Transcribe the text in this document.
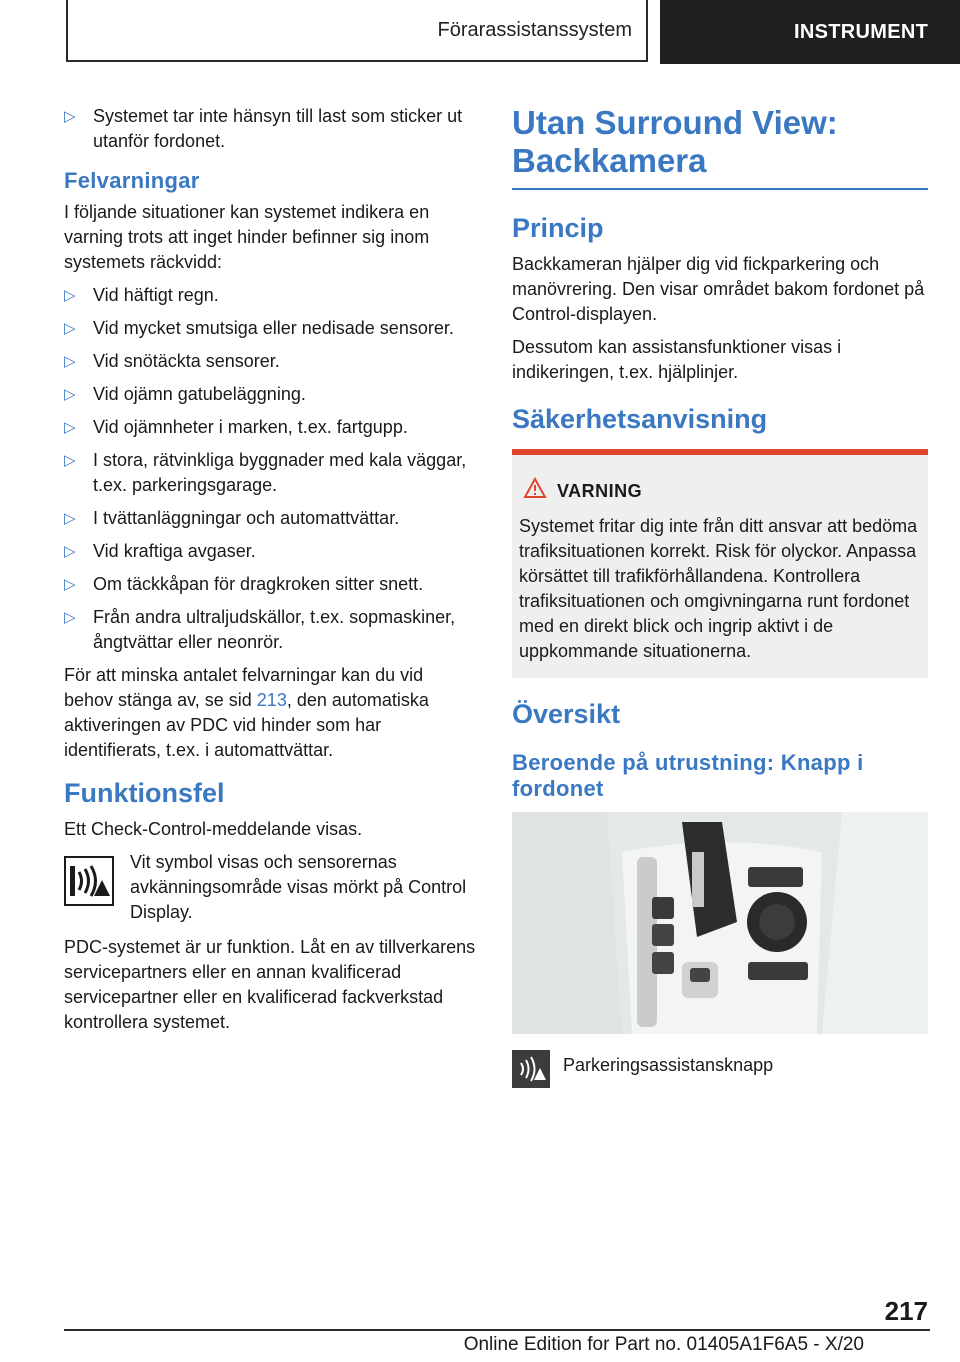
Förarassistanssystem	INSTRUMENT
▷ Systemet tar inte hänsyn till last som sticker ut utanför fordonet.
Felvarningar

I följande situationer kan systemet indikera en varning trots att inget hinder befinner sig inom systemets räckvidd:

▷ Vid häftigt regn.
▷ Vid mycket smutsiga eller nedisade sensorer.
▷ Vid snötäckta sensorer.
▷ Vid ojämn gatubeläggning.
▷ Vid ojämnheter i marken, t.ex. fartgupp.
▷ I stora, rätvinkliga byggnader med kala väggar, t.ex. parkeringsgarage.
▷ I tvättanläggningar och automattvättar.
▷ Vid kraftiga avgaser.
▷ Om täckkåpan för dragkroken sitter snett.
▷ Från andra ultraljudskällor, t.ex. sopmaskiner, ångtvättar eller neonrör.

För att minska antalet felvarningar kan du vid behov stänga av, se sid 213, den automatiska aktiveringen av PDC vid hinder som har identifierats, t.ex. i automattvättar.

Funktionsfel

Ett Check-Control-meddelande visas.

Vit symbol visas och sensorernas avkänningsområde visas mörkt på Control Display.

PDC-systemet är ur funktion. Låt en av tillverkarens servicepartners eller en annan kvalificerad servicepartner eller en kvalificerad fackverkstad kontrollera systemet.

Utan Surround View: Backkamera
Princip

Backkameran hjälper dig vid fickparkering och manövrering. Den visar området bakom fordonet på Control-displayen.

Dessutom kan assistansfunktioner visas i indikeringen, t.ex. hjälplinjer.

Säkerhetsanvisning
VARNING
Systemet fritar dig inte från ditt ansvar att bedöma trafiksituationen korrekt. Risk för olyckor. Anpassa körsättet till trafikförhållandena. Kontrollera trafiksituationen och omgivningarna runt fordonet med en direkt blick och ingrip aktivt i de uppkommande situationerna.
Översikt
Beroende på utrustning: Knapp i fordonet
Parkeringsassistansknapp
217
Online Edition for Part no. 01405A1F6A5 - X/20
